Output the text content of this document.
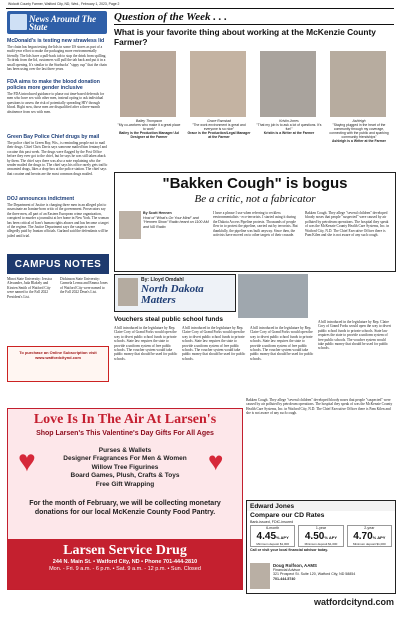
Wolcott County Farmer, Walford City, ND, Wed., February 1, 2023, Page 2
News Around The State
McDonald's is testing new strawless lid
The chain has begun testing the lids in some US stores as part of a multi-year effort to make the packaging more environmentally friendly. The lids have a pull-back tab to stop the drink from spilling. To drink from the lid, customers will pull the tab back and put it in a small opening. It's similar to the Starbucks' "sippy cup" that the chain has been using over the last three years.
FDA aims to make the blood donation policies more gender inclusive
The FDA introduced guidance to phase out time-based deferrals for men who have sex with other men, instead opting to ask individual questions to assess the risk of potentially spreading HIV through blood. Right now, those men are disqualified after a three-month abstinence from sex with men.
Green Bay Police Chief drugs by mail
The police chief in Green Bay, Wis., is reminding people not to mail their drugs. Chief Chris Davis says someone mailed him fentanyl and cocaine this past week. The drugs were flagged by the Post Office before they ever got to the chief, but he says he was still taken aback by them. The chief says there was also a note explaining who the sender mailed the drugs to. The chief says his office rarely gets traffic unwanted drugs, likes a drop-box at the police station. The chief says that cocaine and heroin are the most common drugs mailed.
DOJ announces indictment
The Department of Justice is charging three men in an alleged plot to assassinate an Iranian-born critic of the government. Prosecutors say the three men, all part of an Eastern European crime organization, conspired to murder a journalist at her home in New York. The woman has been critical of Iran's human rights abuses and has become a target of the regime. The Justice Department says the suspects were allegedly paid by Iranian officials. Garland said the defendants will be jailed until trial.
Question of the Week . . .
What is your favorite thing about working at the McKenzie County Farmer?
Bailey Thompson
"My co-workers who make it a great place to work"
Bailey is the Production Manager/ Ad Designer at the Farmer
Grace Ramstad
"The work environment is great and everyone is so nice"
Grace is the Production/Legal Manager at the Farmer
Kristin Jones
"That my job is to ask a lot of questions. It's fun!"
Kristin is a Writer at the Farmer
Ashleigh
"Staying plugged in the heart of the community through my coverage, connecting with the public and sparking community friendships"
Ashleigh is a Writer at the Farmer
"Bakken Cough" is bogus
Be a critic, not a fabricator
By Scott Hennen
Host of "What's On Your Mind" and "Hennen Show" Radio heard on 1100 AM and ND Radio
I have a phrase I use when referring to reckless environmentalists - eco-terrorists. I started using it during the Dakota Access Pipeline protests. Thousands of people flew in to protest the pipeline, carried out by terrorists. But thankfully, the pipeline was built anyway. Since then, the activists have moved on to other targets of their crusade.
Bakken Cough. They allege "several children" developed bloody noses that people "suspected" were caused by air polluted by petroleum operations. The hospital they speak of was the McKenzie County Health Care Systems, Inc. in Watford City, N.D. The Chief Executive Officer there is Pam Kilen and she is not aware of any such cough.
CAMPUS NOTES
Minot State University: Jessica Alexander, Jada Blakely and Kirsten Smith of Watford City were named to the Fall 2022 President's List.
Dickinson State University: Carmela Lerma and Emma Jones of Watford City were named to the Fall 2022 Dean's List.
To purchase an Online Subscription visit www.watfordcitynd.com
By: Lloyd Omdahl
North Dakota Matters
Vouchers steal public school funds
A bill introduced in the legislature by Rep. Claire Cory of Grand Forks would open the way to divert public school funds to private schools. State law requires the state to provide a uniform system of free public schools. The voucher system would take public money that should be used for public schools.
A bill introduced in the legislature by Rep. Claire Cory of Grand Forks would open the way to divert public school funds to private schools. State law requires the state to provide a uniform system of free public schools. The voucher system would take public money that should be used for public schools.
A bill introduced in the legislature by Rep. Claire Cory of Grand Forks would open the way to divert public school funds to private schools. State law requires the state to provide a uniform system of free public schools. The voucher system would take public money that should be used for public schools.
A bill introduced in the legislature by Rep. Claire Cory of Grand Forks would open the way to divert public school funds to private schools. State law requires the state to provide a uniform system of free public schools. The voucher system would take public money that should be used for public schools.
Love Is In The Air At Larsen's
Shop Larsen's This Valentine's Day Gifts For All Ages
♥	♥
Purses & Wallets
Designer Fragrances For Men & Women
Willow Tree Figurines
Board Games, Plush, Crafts & Toys
Free Gift Wrapping
For the month of February, we will be collecting monetary donations for our local McKenzie County Food Pantry.
Larsen Service Drug
244 N. Main St. • Watford City, ND • Phone 701-444-2810
Mon. - Fri. 9 a.m. - 6 p.m. • Sat. 9 a.m. - 12 p.m. • Sun. Closed
Edward Jones
Compare our CD Rates
Bank-issued, FDIC-insured
6-month
4.45% APY
Minimum deposit $1,000
1-year
4.50% APY
Minimum deposit $1,000
2-year
4.70% APY
Minimum deposit $1,000
Call or visit your local financial advisor today.
Doug Rolfson, AAMS
Financial Advisor
321 Prospect St. Suite 120, Watford City, ND 58854
701-444-5740
Bakken Cough. They allege "several children" developed bloody noses that people "suspected" were caused by air polluted by petroleum operations. The hospital they speak of was the McKenzie County Health Care Systems, Inc. in Watford City, N.D. The Chief Executive Officer there is Pam Kilen and she is not aware of any such cough.
watfordcitynd.com
